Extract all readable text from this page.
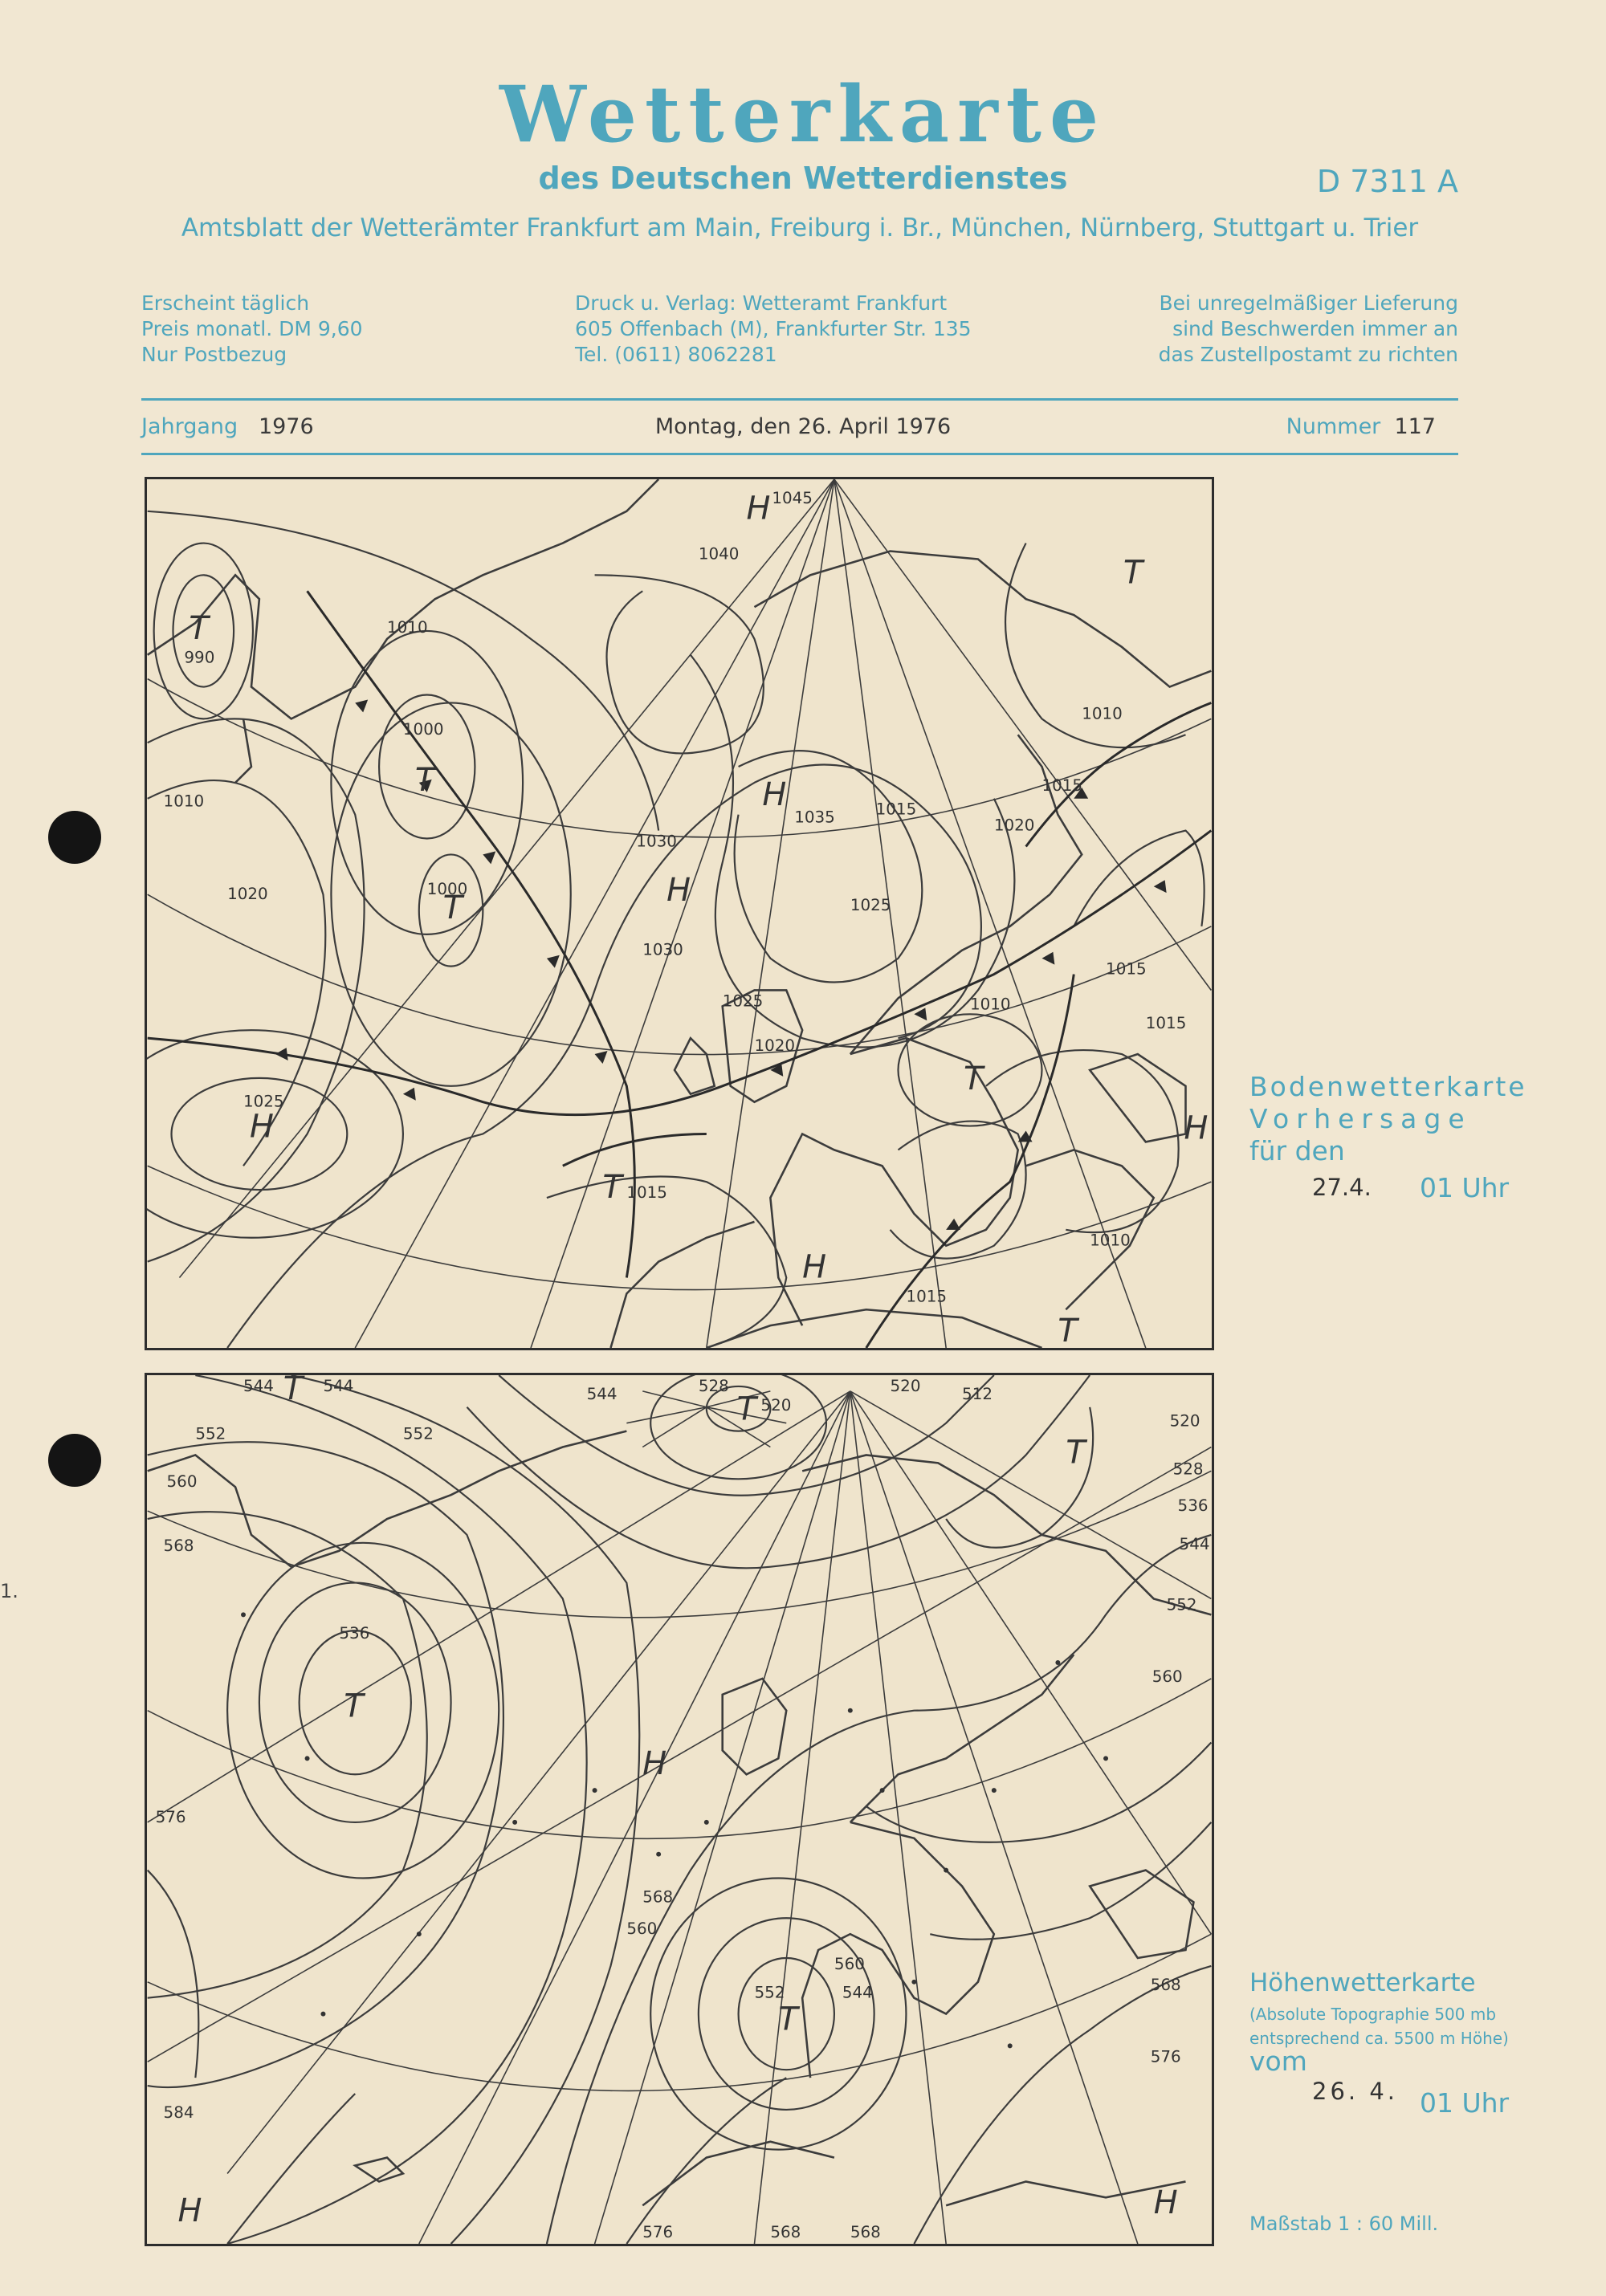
Wetterkarte
des Deutschen Wetterdienstes	D 7311 A
Amtsblatt der Wetterämter Frankfurt am Main, Freiburg i. Br., München, Nürnberg, Stuttgart u. Trier
Erscheint täglich
Preis monatl. DM 9,60
Nur Postbezug
Druck u. Verlag: Wetteramt Frankfurt
605 Offenbach (M), Frankfurter Str. 135
Tel. (0611) 8062281
Bei unregelmäßiger Lieferung
sind Beschwerden immer an
das Zustellpostamt zu richten
Jahrgang 1976	Montag, den 26. April 1976	Nummer 117
1.
T
990
T
1000
T
1000
H 1045
H
1035
H
1030
H
1025
T
T
H
H
T
T
1010
1020
1010	1015
1025
1020
1015
1020
1010
1015
1010
1015
1030
1040
1025
1015
1010
1015
Bodenwetterkarte
Vorhersage
für den
27.4. 01 Uhr
T
T
T
H
T
T
H	H
544	544
552
560
568
552
544	528
520
520	512
520
528
536
544
552
560
536
576
568
560
552	544	568
576
584
576	568	568
560
Höhenwetterkarte
(Absolute Topographie 500 mb
entsprechend ca. 5500 m Höhe)
vom
26. 4. 01 Uhr
Maßstab 1 : 60 Mill.
